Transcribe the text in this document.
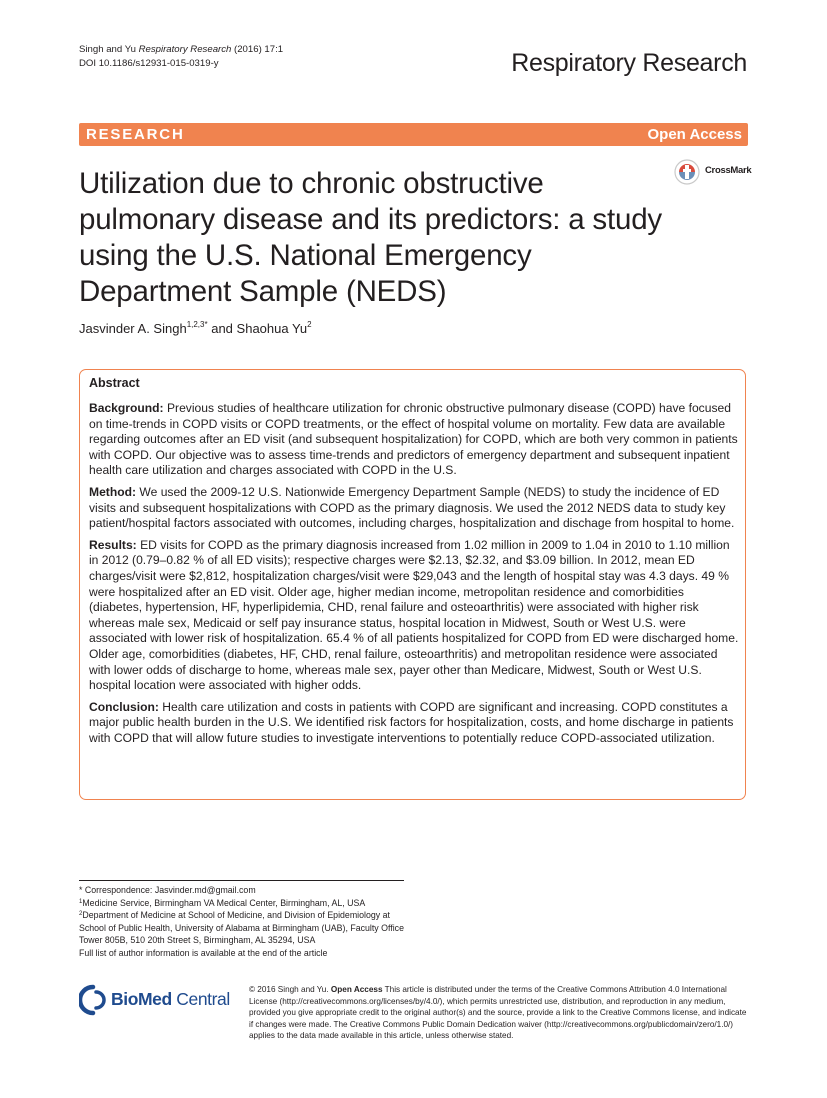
Singh and Yu Respiratory Research (2016) 17:1
DOI 10.1186/s12931-015-0319-y	Respiratory Research
RESEARCH	Open Access
CrossMark
Utilization due to chronic obstructive pulmonary disease and its predictors: a study using the U.S. National Emergency Department Sample (NEDS)
Jasvinder A. Singh$^{1,2,3*}$ and Shaohua Yu$^2$
Abstract

Background: Previous studies of healthcare utilization for chronic obstructive pulmonary disease (COPD) have focused on time-trends in COPD visits or COPD treatments, or the effect of hospital volume on mortality. Few data are available regarding outcomes after an ED visit (and subsequent hospitalization) for COPD, which are both very common in patients with COPD. Our objective was to assess time-trends and predictors of emergency department and subsequent inpatient health care utilization and charges associated with COPD in the U.S.

Method: We used the 2009-12 U.S. Nationwide Emergency Department Sample (NEDS) to study the incidence of ED visits and subsequent hospitalizations with COPD as the primary diagnosis. We used the 2012 NEDS data to study key patient/hospital factors associated with outcomes, including charges, hospitalization and dischage from hospital to home.

Results: ED visits for COPD as the primary diagnosis increased from 1.02 million in 2009 to 1.04 in 2010 to 1.10 million in 2012 (0.79–0.82 % of all ED visits); respective charges were $2.13, $2.32, and $3.09 billion. In 2012, mean ED charges/visit were $2,812, hospitalization charges/visit were $29,043 and the length of hospital stay was 4.3 days. 49 % were hospitalized after an ED visit. Older age, higher median income, metropolitan residence and comorbidities (diabetes, hypertension, HF, hyperlipidemia, CHD, renal failure and osteoarthritis) were associated with higher risk whereas male sex, Medicaid or self pay insurance status, hospital location in Midwest, South or West U.S. were associated with lower risk of hospitalization. 65.4 % of all patients hospitalized for COPD from ED were discharged home. Older age, comorbidities (diabetes, HF, CHD, renal failure, osteoarthritis) and metropolitan residence were associated with lower odds of discharge to home, whereas male sex, payer other than Medicare, Midwest, South or West U.S. hospital location were associated with higher odds.

Conclusion: Health care utilization and costs in patients with COPD are significant and increasing. COPD constitutes a major public health burden in the U.S. We identified risk factors for hospitalization, costs, and home discharge in patients with COPD that will allow future studies to investigate interventions to potentially reduce COPD-associated utilization.

* Correspondence: Jasvinder.md@gmail.com
$^1$Medicine Service, Birmingham VA Medical Center, Birmingham, AL, USA
$^2$Department of Medicine at School of Medicine, and Division of Epidemiology at School of Public Health, University of Alabama at Birmingham (UAB), Faculty Office Tower 805B, 510 20th Street S, Birmingham, AL 35294, USA
Full list of author information is available at the end of the article
BioMed Central © 2016 Singh and Yu. Open Access This article is distributed under the terms of the Creative Commons Attribution 4.0 International License (http://creativecommons.org/licenses/by/4.0/), which permits unrestricted use, distribution, and reproduction in any medium, provided you give appropriate credit to the original author(s) and the source, provide a link to the Creative Commons license, and indicate if changes were made. The Creative Commons Public Domain Dedication waiver (http://creativecommons.org/publicdomain/zero/1.0/) applies to the data made available in this article, unless otherwise stated.
